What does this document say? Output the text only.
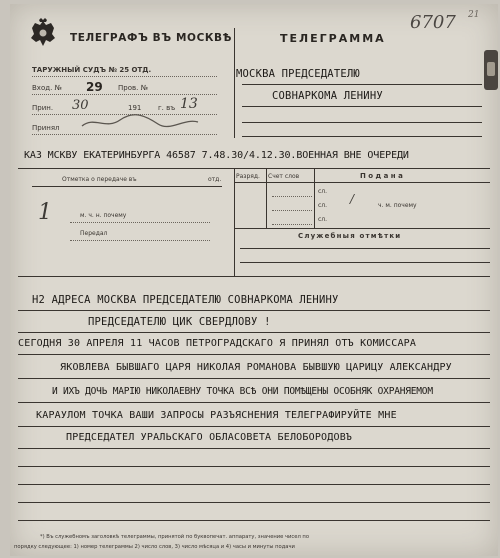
ТЕЛЕГРАФЪ ВЪ МОСКВѢ	ТЕЛЕГРАММА
6707 21
ТАРУЖНЫЙ СУДЪ № 25 ОТД.
Вход. № 29 Пров. №
Прин. 30	191 г. въ 13
Принял
МОСКВА ПРЕДСЕДАТЕЛЮ
СОВНАРКОМА ЛЕНИНУ
КАЗ МСКВУ ЕКАТЕРИНБУРГА 46587 7.48.30/4.12.30.ВОЕННАЯ ВНЕ ОЧЕРЕДИ
Отметка о передаче въ	отд.
1	м. ч. н. почему
Передал
Разряд. Счет слов	П о д а н а
сл.
сл.
сл.
/	ч. м. почему
Служебныя отмѣтки
Н2 АДРЕСА МОСКВА ПРЕДСЕДАТЕЛЮ СОВНАРКОМА ЛЕНИНУ
ПРЕДСЕДАТЕЛЮ ЦИК СВЕРДЛОВУ !
СЕГОДНЯ 30 АПРЕЛЯ 11 ЧАСОВ ПЕТРОГРАДСКАГО Я ПРИНЯЛ ОТЪ КОМИССАРА
ЯКОВЛЕВА БЫВШАГО ЦАРЯ НИКОЛАЯ РОМАНОВА БЫВШУЮ ЦАРИЦУ АЛЕКСАНДРУ
И ИХЪ ДОЧЬ МАРIЮ НИКОЛАЕВНУ ТОЧКА ВСѢ ОНИ ПОМѢЩЕНЫ ОСОБНЯК ОХРАНЯЕМОМ
КАРАУЛОМ ТОЧКА ВАШИ ЗАПРОСЫ РАЗЪЯСНЕНИЯ ТЕЛЕГРАФИРУЙТЕ МНЕ
ПРЕДСЕДАТЕЛ УРАЛЬСКАГО ОБЛАСОВЕТА БЕЛОБОРОДОВЪ
*) Въ служебномъ заголовкѣ телеграммы, принятой по буквопечат. аппарату, значение чисел по
порядку следующее: 1) номер телеграммы 2) число слов, 3) число мѣсяца и 4) часы и минуты подачи
